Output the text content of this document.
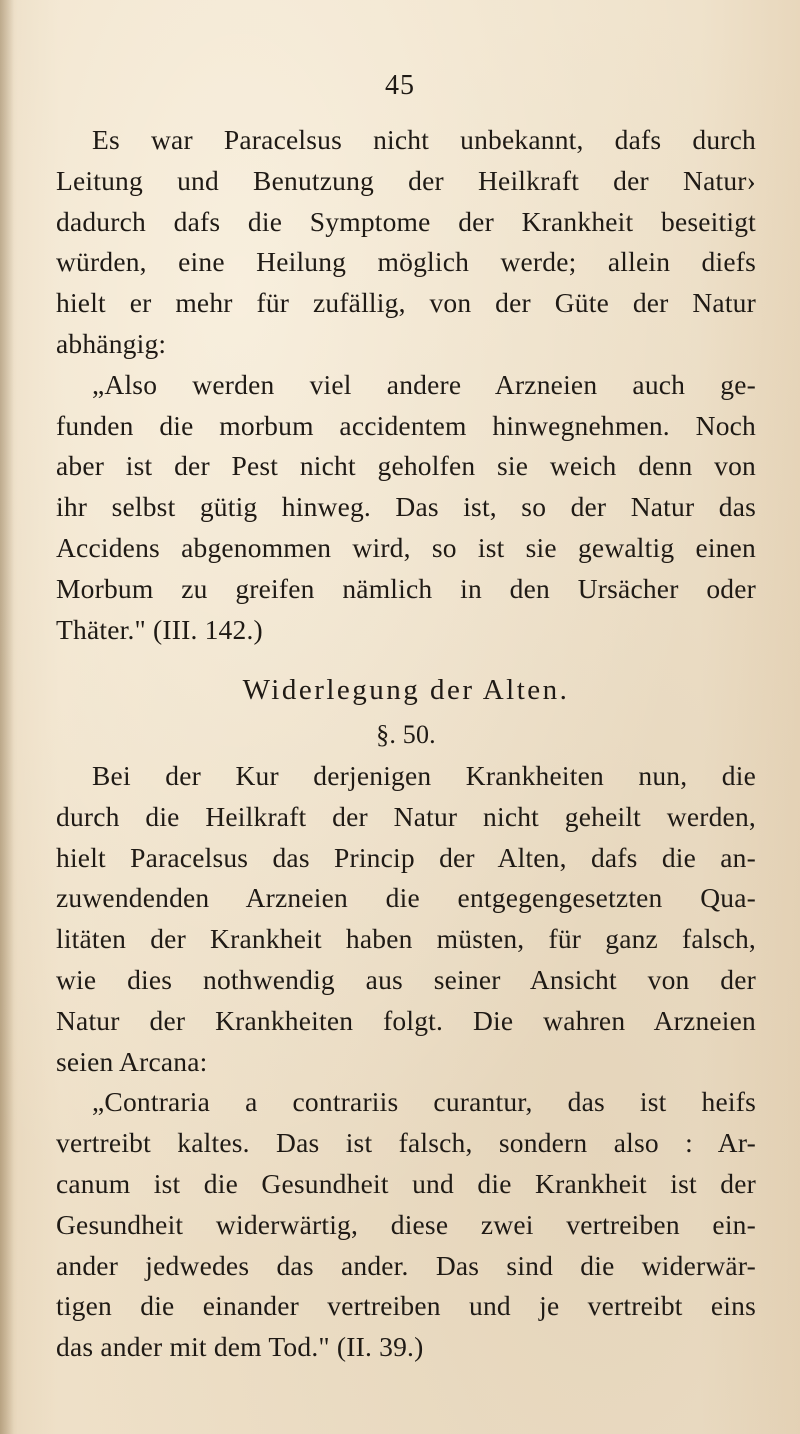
45
Es war Paracelsus nicht unbekannt, dafs durch
Leitung und Benutzung der Heilkraft der Natur›
dadurch dafs die Symptome der Krankheit beseitigt
würden, eine Heilung möglich werde; allein diefs
hielt er mehr für zufällig, von der Güte der Natur
abhängig:
„Also werden viel andere Arzneien auch ge-
funden die morbum accidentem hinwegnehmen. Noch
aber ist der Pest nicht geholfen sie weich denn von
ihr selbst gütig hinweg. Das ist, so der Natur das
Accidens abgenommen wird, so ist sie gewaltig einen
Morbum zu greifen nämlich in den Ursächer oder
Thäter." (III. 142.)
Widerlegung der Alten.
§. 50.
Bei der Kur derjenigen Krankheiten nun, die
durch die Heilkraft der Natur nicht geheilt werden,
hielt Paracelsus das Princip der Alten, dafs die an-
zuwendenden Arzneien die entgegengesetzten Qua-
litäten der Krankheit haben müsten, für ganz falsch,
wie dies nothwendig aus seiner Ansicht von der
Natur der Krankheiten folgt. Die wahren Arzneien
seien Arcana:
„Contraria a contrariis curantur, das ist heifs
vertreibt kaltes. Das ist falsch, sondern also : Ar-
canum ist die Gesundheit und die Krankheit ist der
Gesundheit widerwärtig, diese zwei vertreiben ein-
ander jedwedes das ander. Das sind die widerwär-
tigen die einander vertreiben und je vertreibt eins
das ander mit dem Tod." (II. 39.)
